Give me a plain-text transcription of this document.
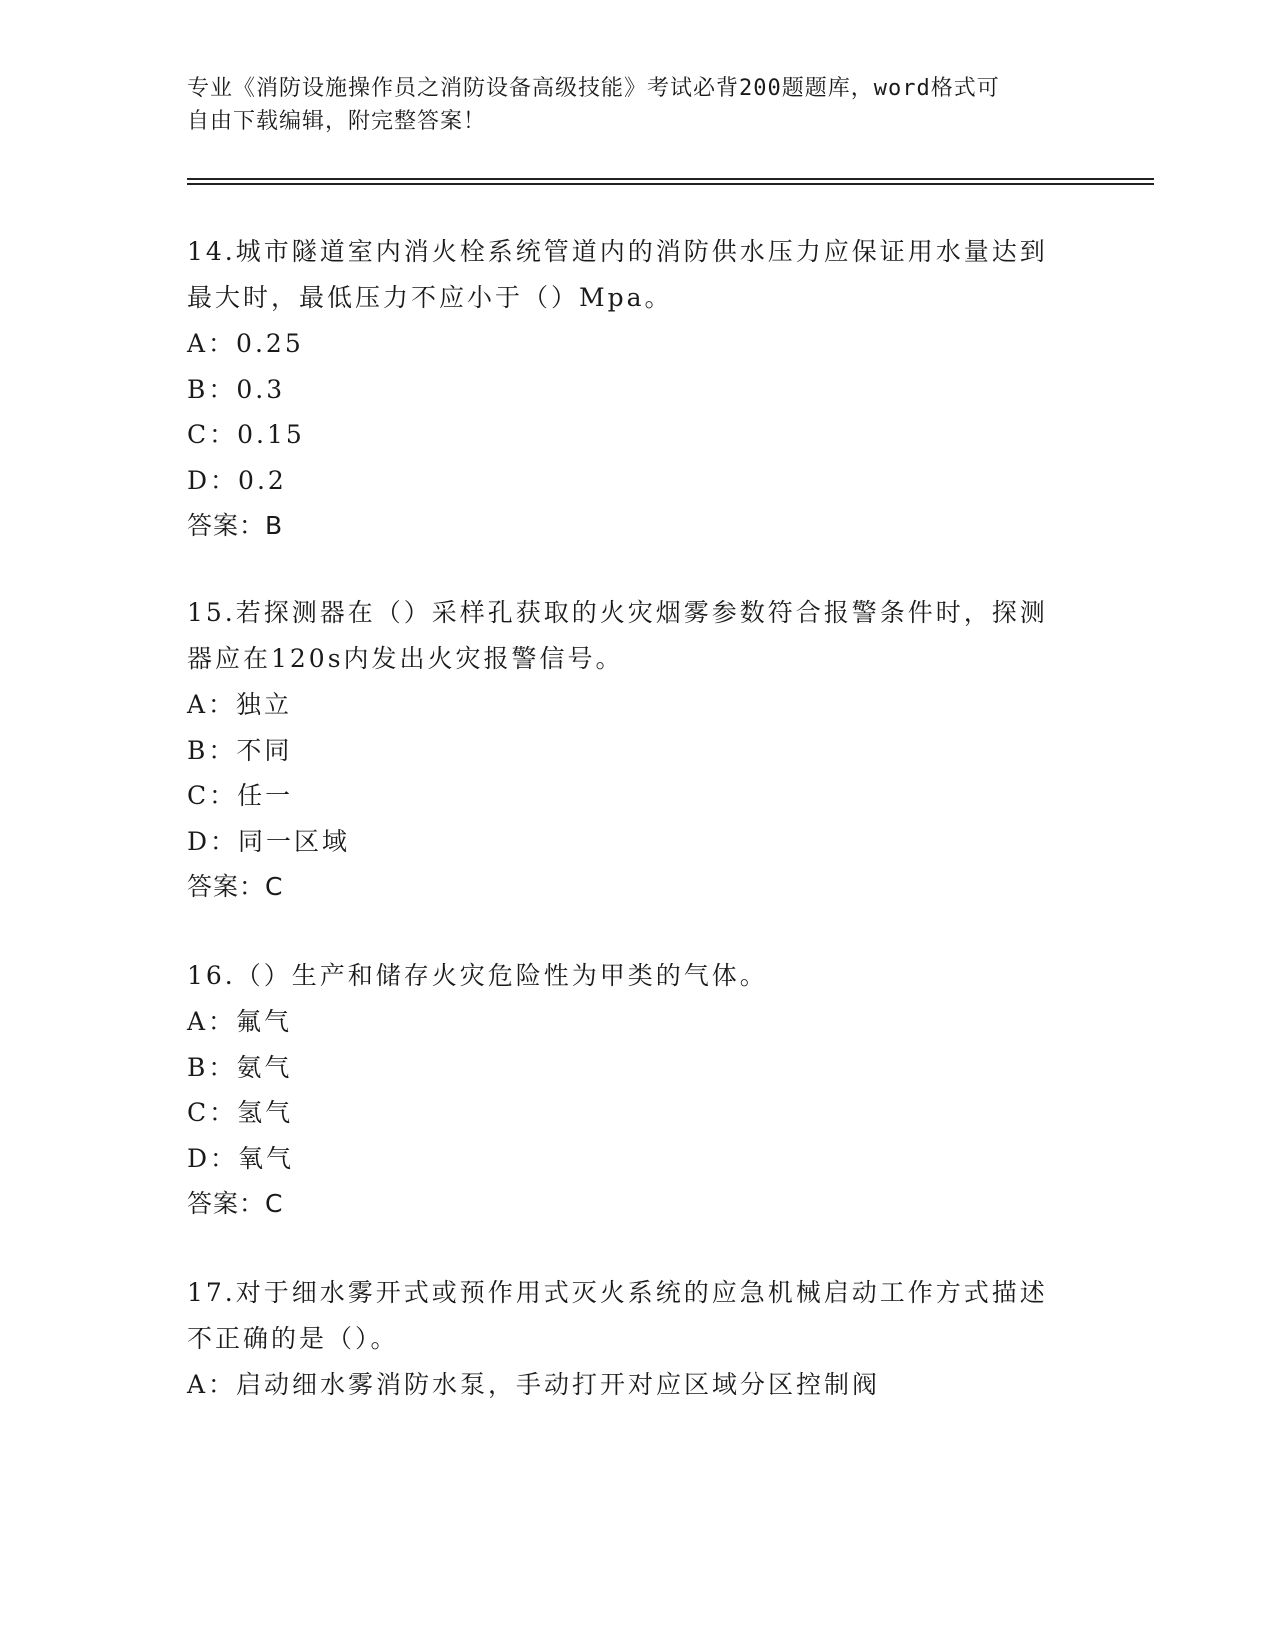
专业《消防设施操作员之消防设备高级技能》考试必背200题题库，word格式可
自由下载编辑，附完整答案！
14.城市隧道室内消火栓系统管道内的消防供水压力应保证用水量达到
最大时，最低压力不应小于（）Mpa。
A：0.25
B：0.3
C：0.15
D：0.2
答案：B
15.若探测器在（）采样孔获取的火灾烟雾参数符合报警条件时，探测
器应在120s内发出火灾报警信号。
A：独立
B：不同
C：任一
D：同一区域
答案：C
16.（）生产和储存火灾危险性为甲类的气体。
A：氟气
B：氨气
C：氢气
D：氧气
答案：C
17.对于细水雾开式或预作用式灭火系统的应急机械启动工作方式描述
不正确的是（）。
A：启动细水雾消防水泵，手动打开对应区域分区控制阀
